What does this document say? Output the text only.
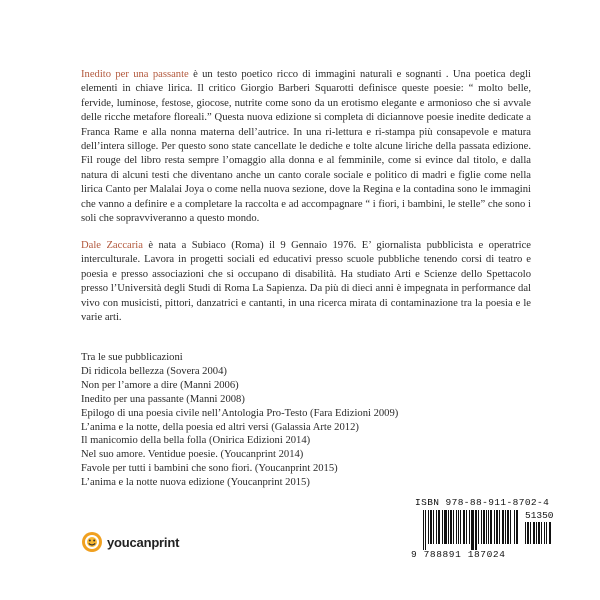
Inedito per una passante è un testo poetico ricco di immagini naturali e sognanti . Una poetica degli elementi in chiave lirica. Il critico Giorgio Barberi Squarotti definisce queste poesie: “ molto belle, fervide, luminose, festose, giocose, nutrite come sono da un erotismo elegante e armonioso che si avvale delle ricche metafore floreali.” Questa nuova edizione si completa di diciannove poesie inedite dedicate a Franca Rame e alla nonna materna dell’autrice. In una ri-lettura e ri-stampa più consapevole e matura dell’intera silloge. Per questo sono state cancellate le dediche e tolte alcune liriche della passata edizione. Fil rouge del libro resta sempre l’omaggio alla donna e al femminile, come si evince dal titolo, e dalla natura di alcuni testi che diventano anche un canto corale sociale e politico di madri e figlie come nella lirica Canto per Malalai Joya o come nella nuova sezione, dove la Regina e la contadina sono le immagini che vanno a definire e a completare la raccolta e ad accompagnare “ i fiori, i bambini, le stelle” che sono i soli che sopravviveranno a questo mondo.
Dale Zaccaria è nata a Subiaco (Roma) il 9 Gennaio 1976. E’ giornalista pubblicista e operatrice interculturale. Lavora in progetti sociali ed educativi presso scuole pubbliche tenendo corsi di teatro e poesia e presso associazioni che si occupano di disabilità. Ha studiato Arti e Scienze dello Spettacolo presso l’Università degli Studi di Roma La Sapienza. Da più di dieci anni è impegnata in performance dal vivo con musicisti, pittori, danzatrici e cantanti, in una ricerca mirata di contaminazione tra la poesia e le varie arti.
Tra le sue pubblicazioni
Di ridicola bellezza (Sovera 2004)
Non per l’amore a dire (Manni 2006)
Inedito per una passante (Manni 2008)
Epilogo di una poesia civile nell’Antologia Pro-Testo (Fara Edizioni 2009)
L’anima e la notte, della poesia ed altri versi (Galassia Arte 2012)
Il manicomio della bella folla (Onirica Edizioni 2014)
Nel suo amore. Ventidue poesie. (Youcanprint 2014)
Favole per tutti i bambini che sono fiori. (Youcanprint 2015)
L’anima e la notte nuova edizione (Youcanprint 2015)
youcanprint
ISBN 978-88-911-8702-4
51350
9 788891 187024
